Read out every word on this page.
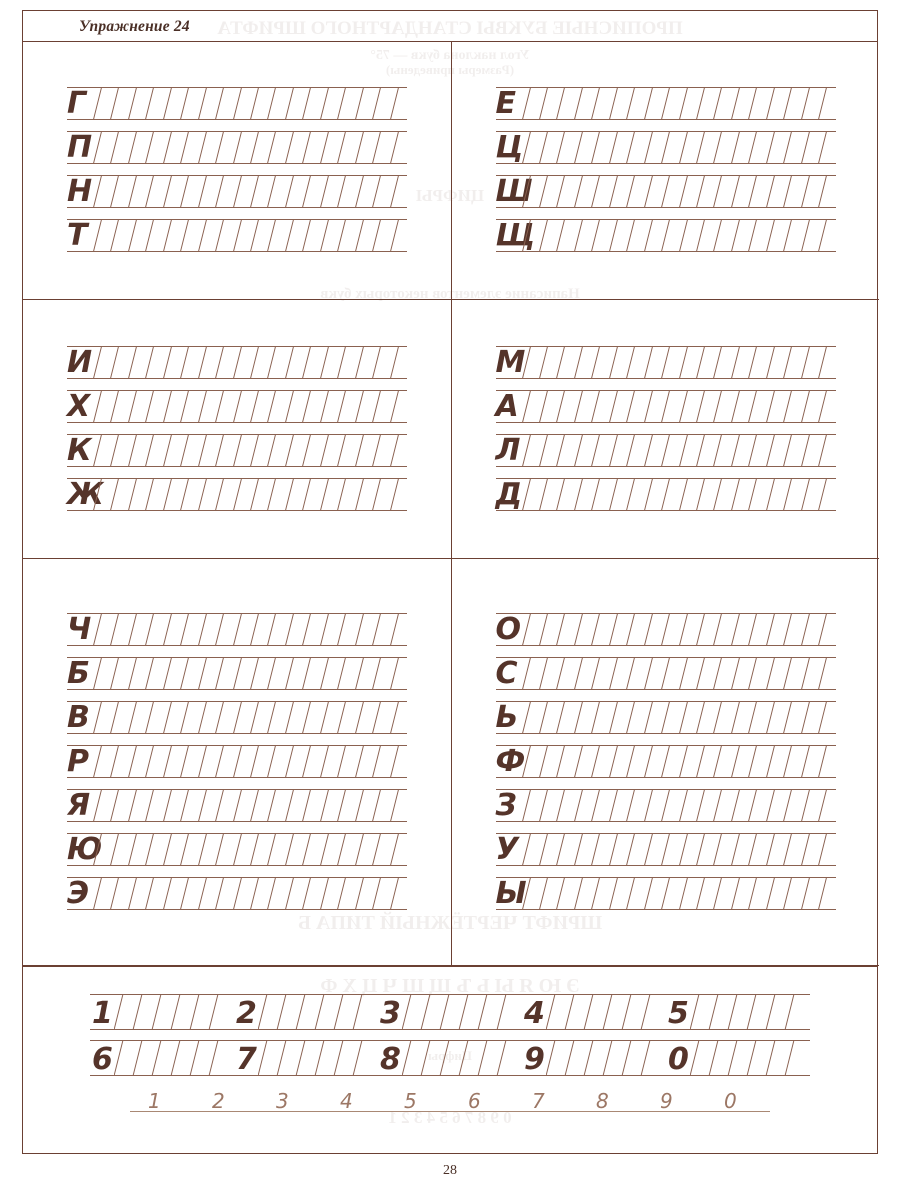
ПРОПИСНЫЕ БУКВЫ СТАНДАРТНОГО ШРИФТА
Угол наклона букв — 75°
(Размеры приведены)
Написание элементов некоторых букв
ЦИФРЫ
ШРИФТ ЧЕРТЁЖНЫЙ ТИПА Б
Э Ю Я Ы Ь Ъ Щ Ш Ч Ц Х Ф
Цифры
0 9 8 7 6 5 4 3 2 1
Упражнение 24
Г
П
Н
Т
Е
Ц
Ш
Щ
И
Х
К
Ж
М
А
Л
Д
Ч
Б
В
Р
Я
Ю
Э
О
С
Ь
Ф
З
У
Ы
1	2	3	4	5
6	7	8	9	0
1	2	3	4	5	6	7	8	9	0
28
